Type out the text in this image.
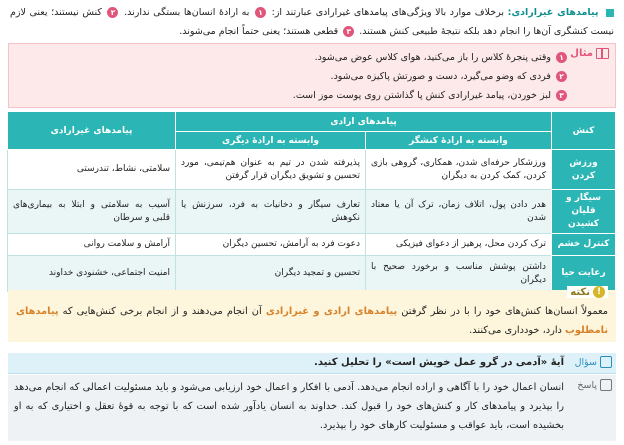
پیامدهای غیرارادی: برخلاف موارد بالا ویژگی‌های پیامدهای غیرارادی عبارتند از: ۱ به ارادهٔ انسان‌ها بستگی ندارند. ۲ کنش نیستند؛ یعنی لازم نیست کنشگری آن‌ها را انجام دهد بلکه نتیجهٔ طبیعی کنش هستند. ۳ قطعی هستند؛ یعنی حتماً انجام می‌شوند.
مثال
۱ وقتی پنجرهٔ کلاس را باز می‌کنید، هوای کلاس عوض می‌شود.
۲ فردی که وضو می‌گیرد، دست و صورتش پاکیزه می‌شود.
۳ لبز خوردن، پیامد غیرارادی کنش پا گذاشتن روی پوست موز است.
کنش	پیامدهای ارادی		پیامدهای غیرارادی
	وابسته به ارادهٔ کنشگر	وابسته به ارادهٔ دیگری	
ورزش کردن	ورزشکار حرفه‌ای شدن، همکاری، گروهی بازی کردن، کمک کردن به دیگران	پذیرفته شدن در تیم به عنوان هم‌تیمی، مورد تحسین و تشویق دیگران قرار گرفتن	سلامتی، نشاط، تندرستی
سیگار و قلیان کشیدن	هدر دادن پول، اتلاف زمان، ترک آن یا معتاد شدن	تعارف سیگار و دخانیات به فرد، سرزنش یا نکوهش	آسیب به سلامتی و ابتلا به بیماری‌های قلبی و سرطان
کنترل خشم	ترک کردن محل، پرهیز از دعوای فیزیکی	دعوت فرد به آرامش، تحسین دیگران	آرامش و سلامت روانی
رعایت حیا	داشتن پوشش مناسب و برخورد صحیح با دیگران	تحسین و تمجید دیگران	امنیت اجتماعی، خشنودی خداوند
!
نکته
معمولاً انسان‌ها کنش‌های خود را با در نظر گرفتن پیامدهای ارادی و غیرارادی آن انجام می‌دهند و از انجام برخی کنش‌هایی که پیامدهای نامطلوب دارد، خودداری می‌کنند.
سؤال
آیهٔ «آدمی در گرو عمل خویش است» را تحلیل کنید.
پاسخ
انسان اعمال خود را با آگاهی و اراده انجام می‌دهد. آدمی با افکار و اعمال خود ارزیابی می‌شود و باید مسئولیت اعمالی که انجام می‌دهد را بپذیرد و پیامدهای کار و کنش‌های خود را قبول کند. خداوند به انسان یادآور شده است که با توجه به قوهٔ تعقل و اختیاری که به او بخشیده است، باید عواقب و مسئولیت کارهای خود را بپذیرد.
